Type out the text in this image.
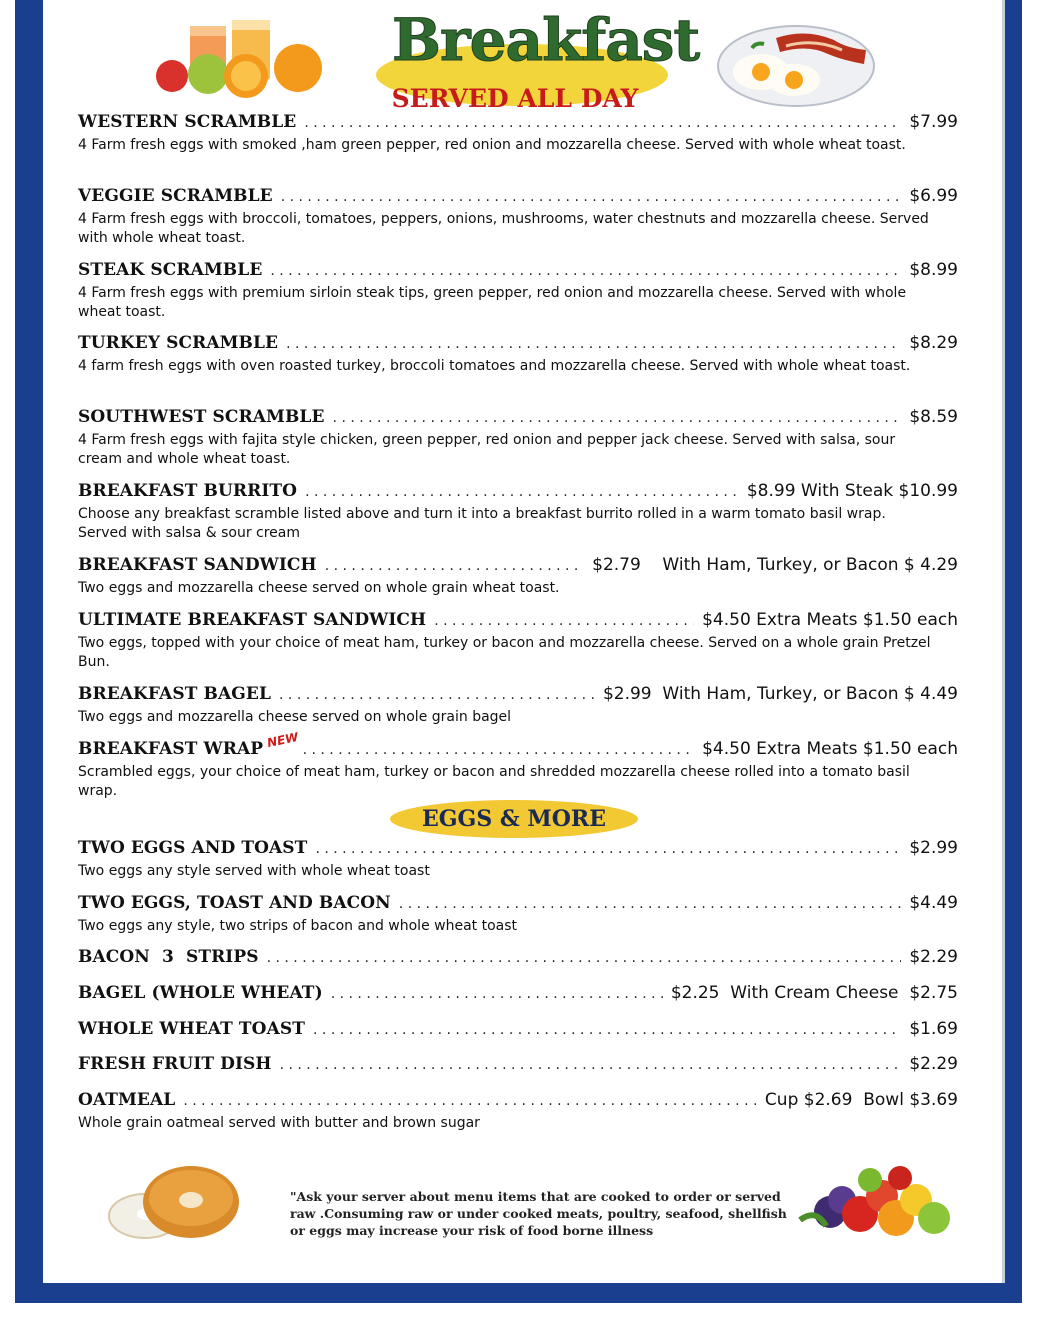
Breakfast
SERVED ALL DAY
WESTERN SCRAMBLE . . .	$7.99
4 Farm fresh eggs with smoked ,ham green pepper, red onion and mozzarella cheese. Served with whole wheat toast.
VEGGIE SCRAMBLE . . .	$6.99
4 Farm fresh eggs with broccoli, tomatoes, peppers, onions, mushrooms, water chestnuts and mozzarella cheese. Served with whole wheat toast.
STEAK SCRAMBLE . . .	$8.99
4 Farm fresh eggs with premium sirloin steak tips, green pepper, red onion and mozzarella cheese. Served with whole wheat toast.
TURKEY SCRAMBLE . . .	$8.29
4 farm fresh eggs with oven roasted turkey, broccoli tomatoes and mozzarella cheese. Served with whole wheat toast.
SOUTHWEST SCRAMBLE . . .	$8.59
4 Farm fresh eggs with fajita style chicken, green pepper, red onion and pepper jack cheese. Served with salsa, sour cream and whole wheat toast.
BREAKFAST BURRITO . . .	$8.99 With Steak $10.99
Choose any breakfast scramble listed above and turn it into a breakfast burrito rolled in a warm tomato basil wrap. Served with salsa & sour cream
BREAKFAST SANDWICH . . .	$2.79    With Ham, Turkey, or Bacon $ 4.29
Two eggs and mozzarella cheese served on whole grain wheat toast.
ULTIMATE BREAKFAST SANDWICH . . .	$4.50 Extra Meats $1.50 each
Two eggs, topped with your choice of meat ham, turkey or bacon and mozzarella cheese. Served on a whole grain Pretzel Bun.
BREAKFAST BAGEL . . .	$2.99  With Ham, Turkey, or Bacon $ 4.49
Two eggs and mozzarella cheese served on whole grain bagel
BREAKFAST WRAP NEW . . .	$4.50 Extra Meats $1.50 each
Scrambled eggs, your choice of meat ham, turkey or bacon and shredded mozzarella cheese rolled into a tomato basil wrap.
EGGS & MORE
TWO EGGS AND TOAST . . .	$2.99
Two eggs any style served with whole wheat toast
TWO EGGS, TOAST AND BACON . . .	$4.49
Two eggs any style, two strips of bacon and whole wheat toast
BACON  3  STRIPS . . .	$2.29
BAGEL (WHOLE WHEAT) . . .	$2.25  With Cream Cheese  $2.75
WHOLE WHEAT TOAST . . .	$1.69
FRESH FRUIT DISH . . .	$2.29
OATMEAL . . .	Cup $2.69  Bowl $3.69
Whole grain oatmeal served with butter and brown sugar
"Ask your server about menu items that are cooked to order or served raw .Consuming raw or under cooked meats, poultry, seafood, shellfish or eggs may increase your risk of food borne illness
